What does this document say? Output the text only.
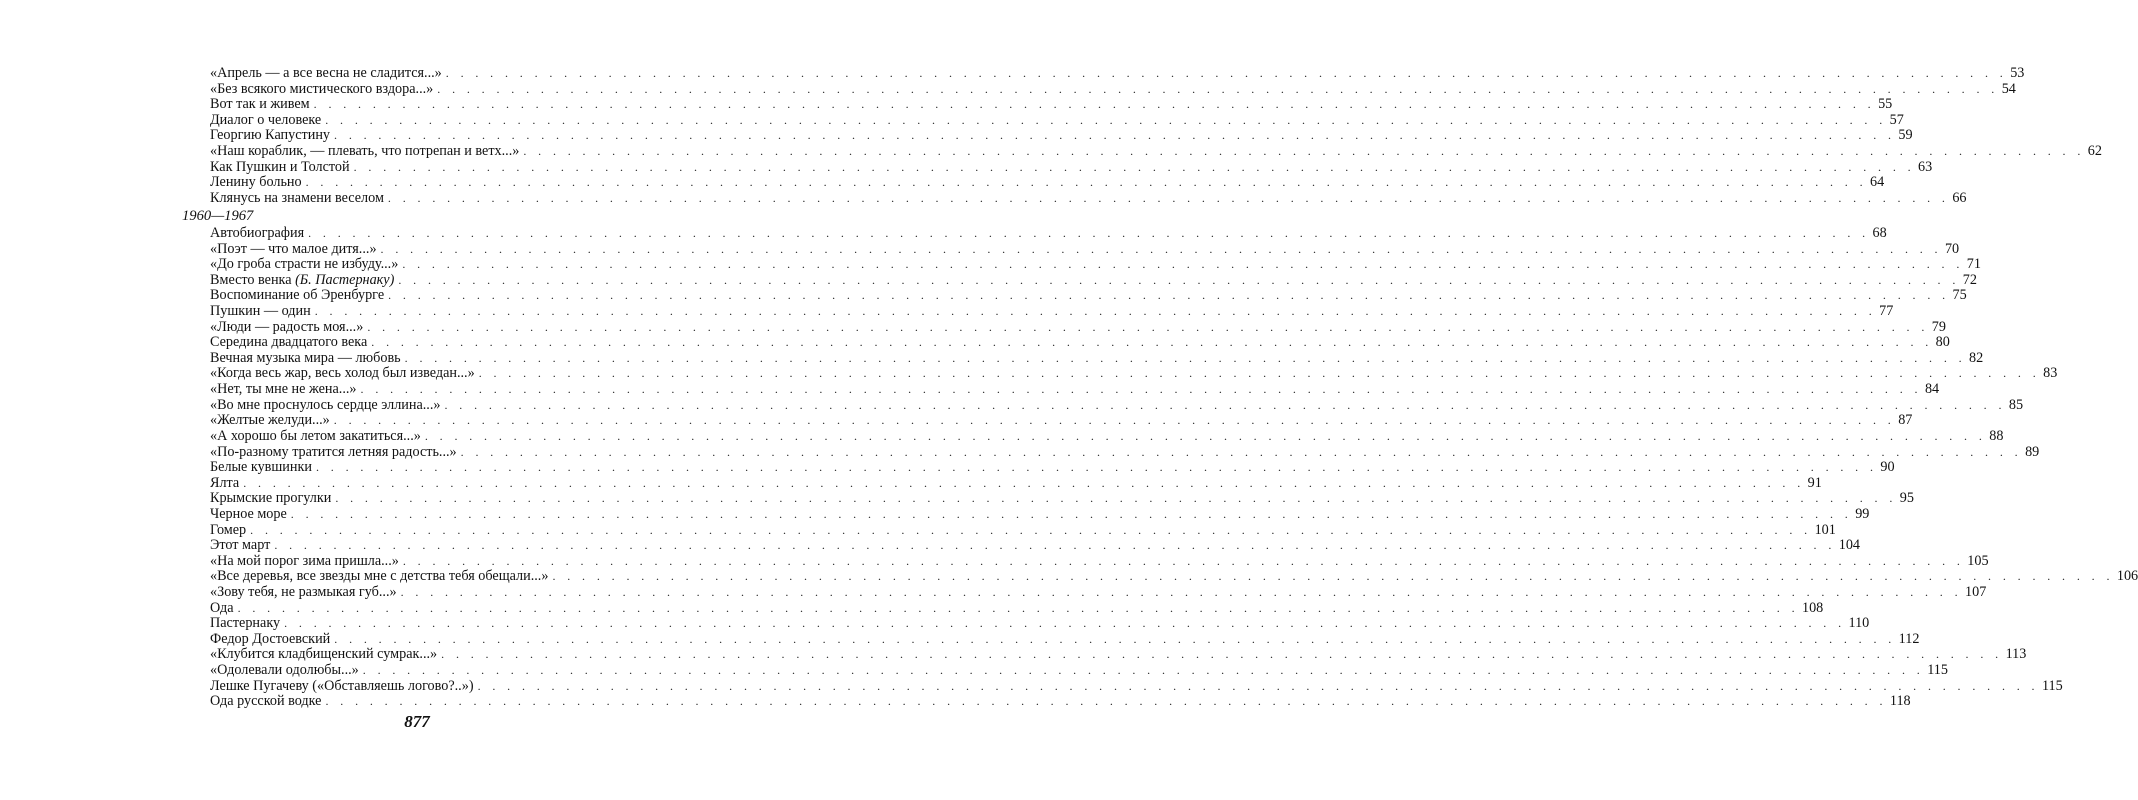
«Апрель — а все весна не сладится...» . . .	53
«Без всякого мистического вздора...» . . .	54
Вот так и живем . . .	55
Диалог о человеке . . .	57
Георгию Капустину . . .	59
«Наш кораблик, — плевать, что потрепан и ветх...» . . .	62
Как Пушкин и Толстой . . .	63
Ленину больно . . .	64
Клянусь на знамени веселом . . .	66
1960—1967
Автобиография . . .	68
«Поэт — что малое дитя...» . . .	70
«До гроба страсти не избуду...» . . .	71
Вместо венка (Б. Пастернаку) . . .	72
Воспоминание об Эренбурге . . .	75
Пушкин — один . . .	77
«Люди — радость моя...» . . .	79
Середина двадцатого века . . .	80
Вечная музыка мира — любовь . . .	82
«Когда весь жар, весь холод был изведан...» . . .	83
«Нет, ты мне не жена...» . . .	84
«Во мне проснулось сердце эллина...» . . .	85
«Желтые желуди...» . . .	87
«А хорошо бы летом закатиться...» . . .	88
«По-разному тратится летняя радость...» . . .	89
Белые кувшинки . . .	90
Ялта . . .	91
Крымские прогулки . . .	95
Черное море . . .	99
Гомер . . .	101
Этот март . . .	104
«На мой порог зима пришла...» . . .	105
«Все деревья, все звезды мне с детства тебя обещали...» . . .	106
«Зову тебя, не размыкая губ...» . . .	107
Ода . . .	108
Пастернаку . . .	110
Федор Достоевский . . .	112
«Клубится кладбищенский сумрак...» . . .	113
«Одолевали одолюбы...» . . .	115
Лешке Пугачеву («Обставляешь логово?..») . . .	115
Ода русской водке . . .	118
877
